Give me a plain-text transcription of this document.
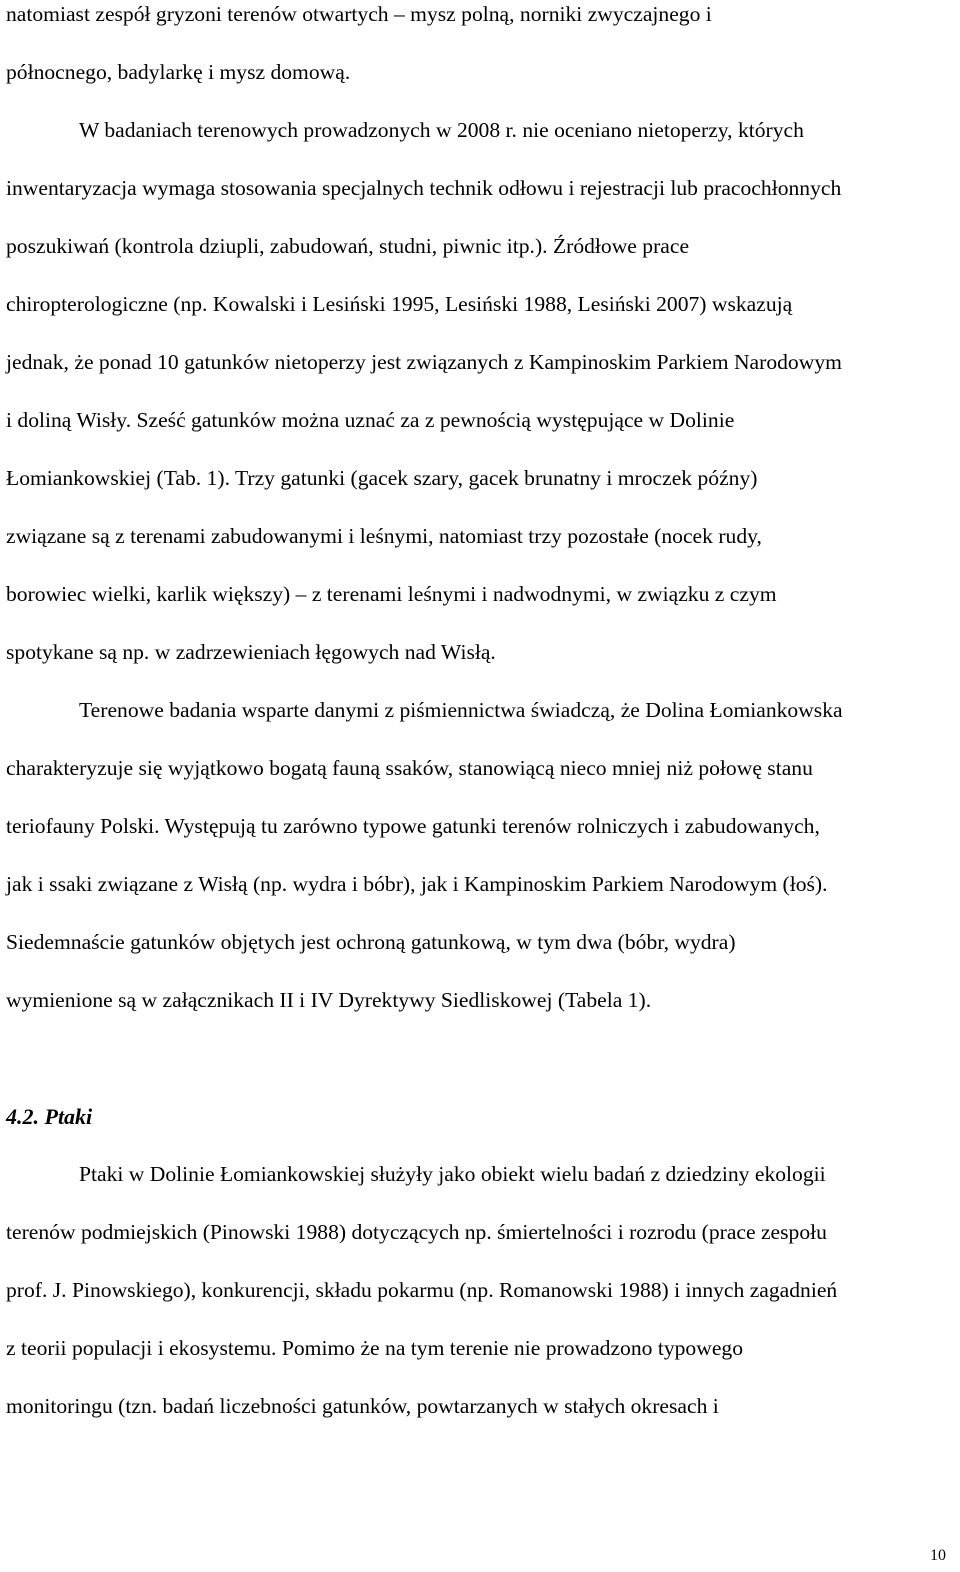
natomiast zespół gryzoni terenów otwartych – mysz polną, norniki zwyczajnego i
północnego, badylarkę i mysz domową.
W badaniach terenowych prowadzonych w 2008 r. nie oceniano nietoperzy, których
inwentaryzacja wymaga stosowania specjalnych technik odłowu i rejestracji lub pracochłonnych
poszukiwań (kontrola dziupli, zabudowań, studni, piwnic itp.). Źródłowe prace
chiropterologiczne (np. Kowalski i Lesiński 1995, Lesiński 1988, Lesiński 2007) wskazują
jednak, że ponad 10 gatunków nietoperzy jest związanych z Kampinoskim Parkiem Narodowym
i doliną Wisły. Sześć gatunków można uznać za z pewnością występujące w Dolinie
Łomiankowskiej (Tab. 1). Trzy gatunki (gacek szary, gacek brunatny i mroczek późny)
związane są z terenami zabudowanymi i leśnymi, natomiast trzy pozostałe (nocek rudy,
borowiec wielki, karlik większy) – z terenami leśnymi i nadwodnymi, w związku z czym
spotykane są np. w zadrzewieniach łęgowych nad Wisłą.
Terenowe badania wsparte danymi z piśmiennictwa świadczą, że Dolina Łomiankowska
charakteryzuje się wyjątkowo bogatą fauną ssaków, stanowiącą nieco mniej niż połowę stanu
teriofauny Polski. Występują tu zarówno typowe gatunki terenów rolniczych i zabudowanych,
jak i ssaki związane z Wisłą (np. wydra i bóbr), jak i Kampinoskim Parkiem Narodowym (łoś).
Siedemnaście gatunków objętych jest ochroną gatunkową, w tym dwa (bóbr, wydra)
wymienione są w załącznikach II i IV Dyrektywy Siedliskowej (Tabela 1).
4.2. Ptaki
Ptaki w Dolinie Łomiankowskiej służyły jako obiekt wielu badań z dziedziny ekologii
terenów podmiejskich (Pinowski 1988) dotyczących np. śmiertelności i rozrodu (prace zespołu
prof. J. Pinowskiego), konkurencji, składu pokarmu (np. Romanowski 1988) i innych zagadnień
z teorii populacji i ekosystemu. Pomimo że na tym terenie nie prowadzono typowego
monitoringu (tzn. badań liczebności gatunków, powtarzanych w stałych okresach i
10
